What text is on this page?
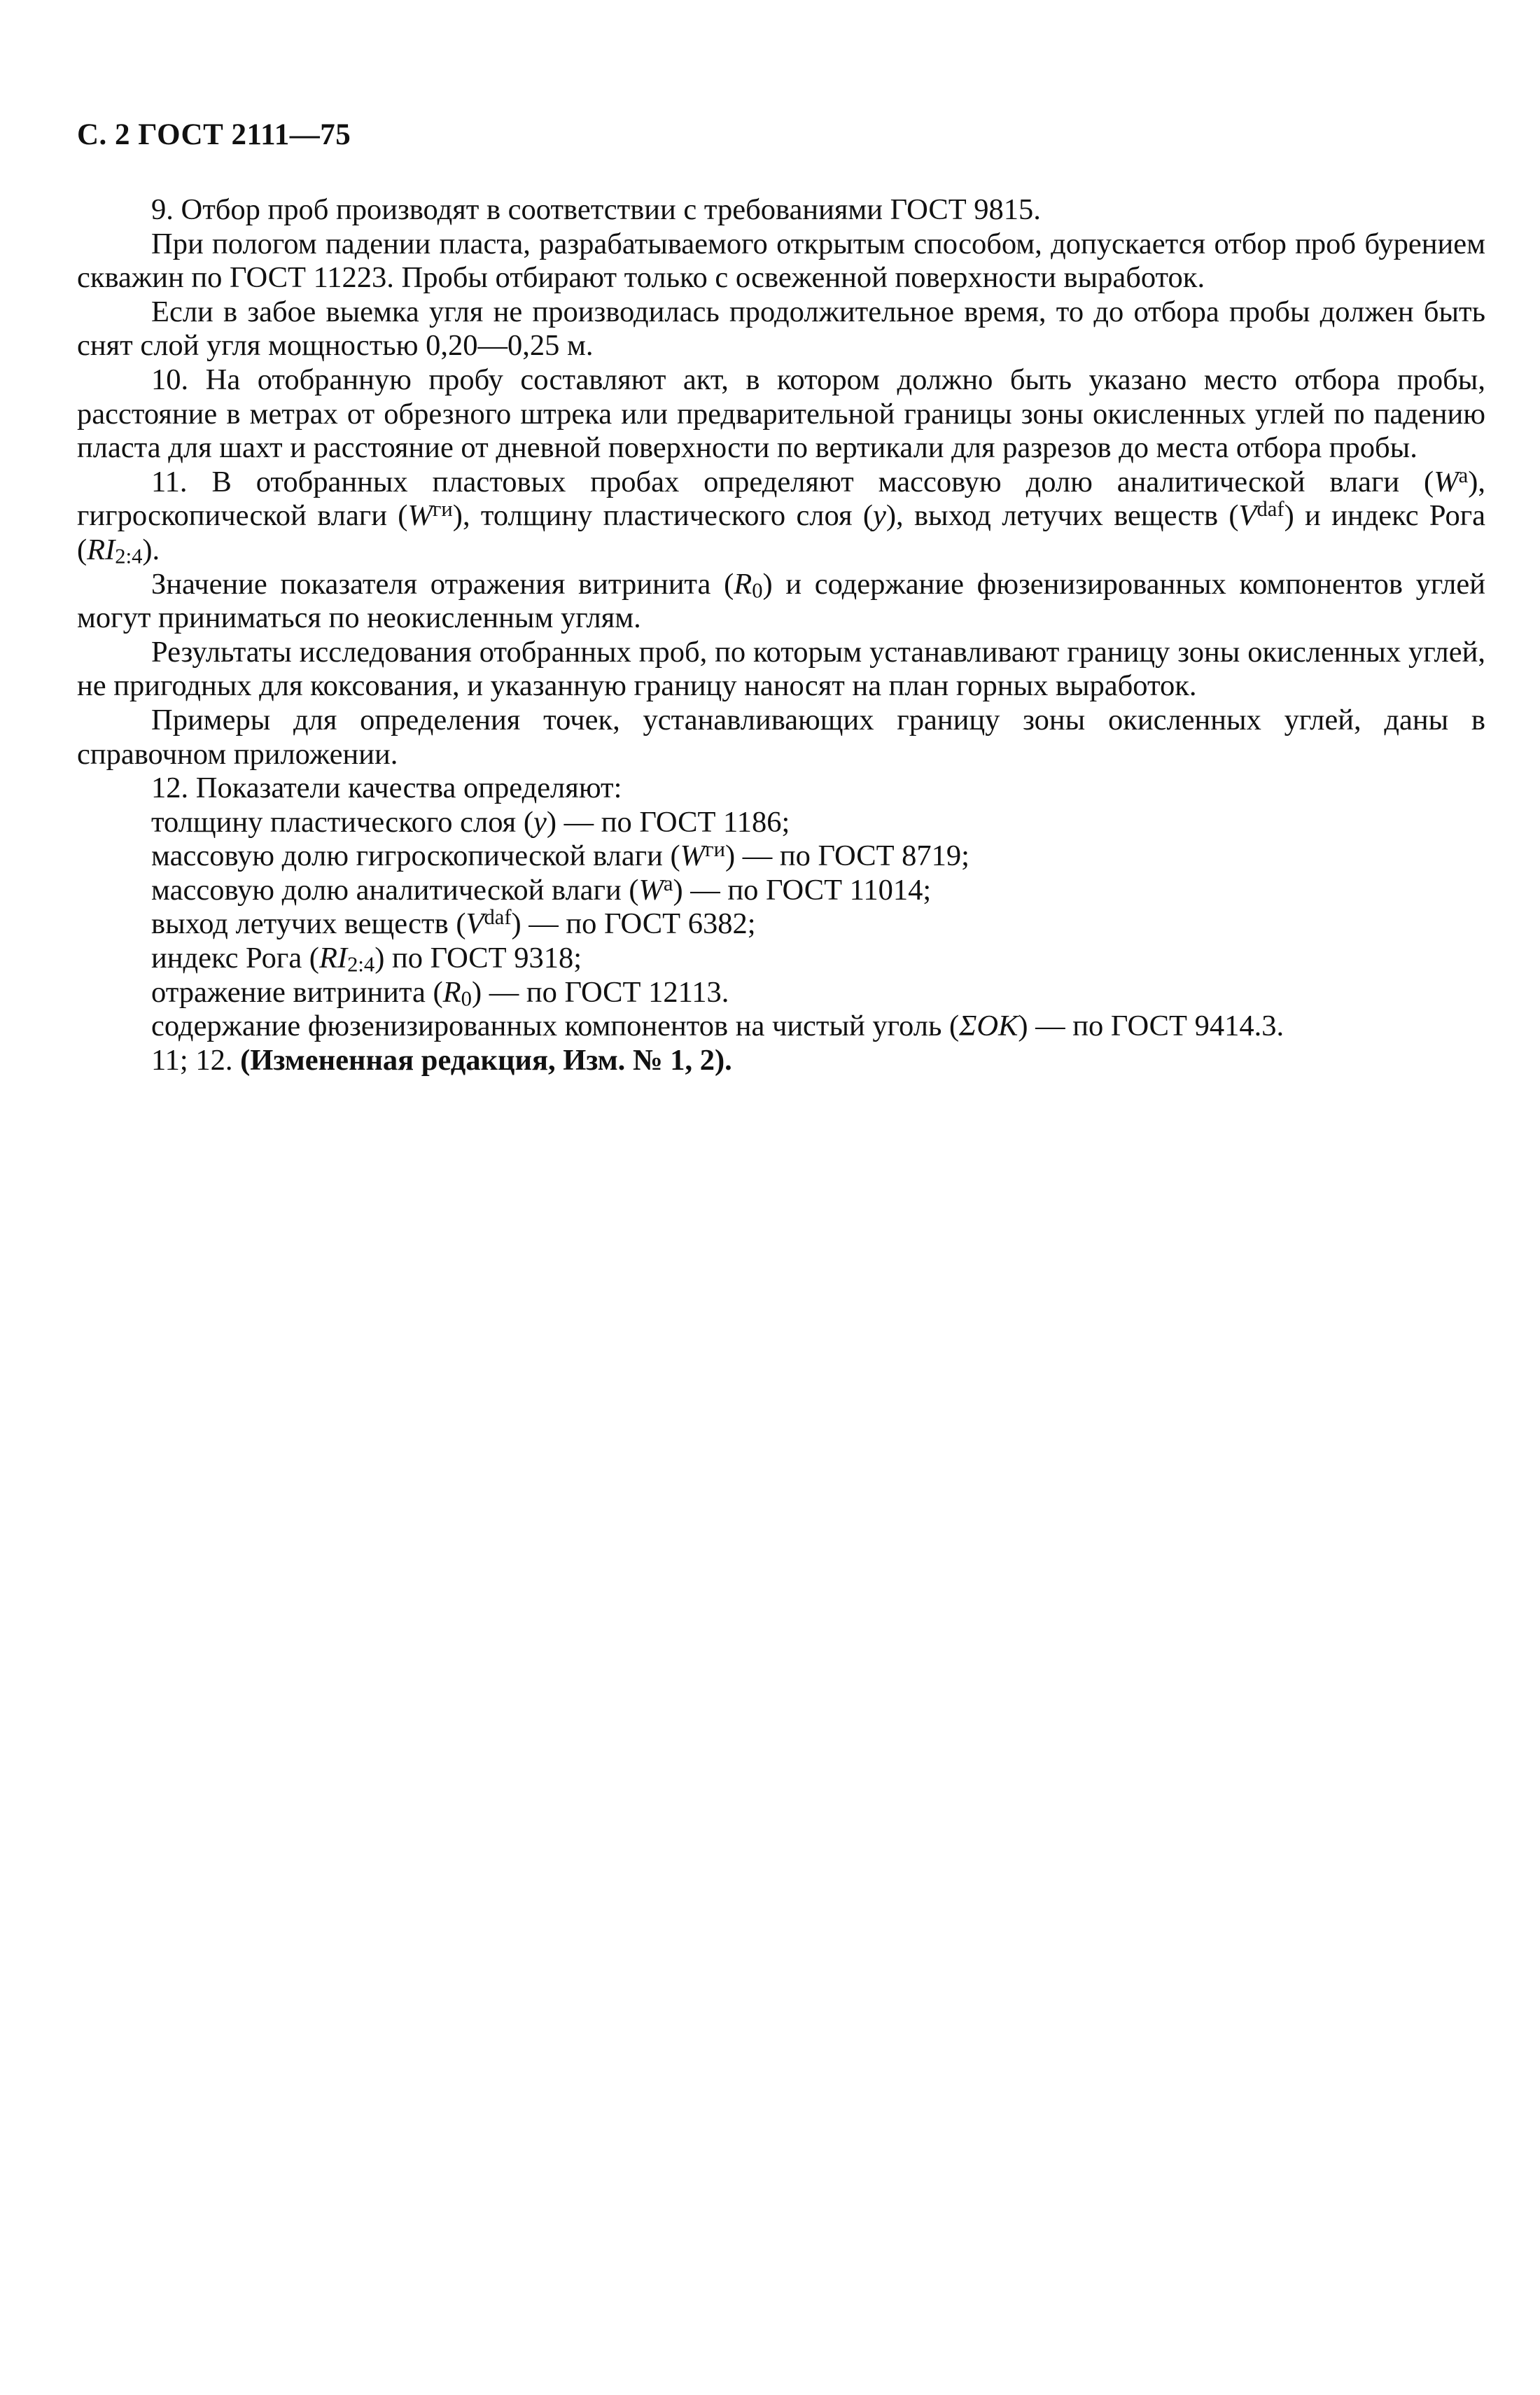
С. 2 ГОСТ 2111—75

9. Отбор проб производят в соответствии с требованиями ГОСТ 9815.

При пологом падении пласта, разрабатываемого открытым способом, допускается отбор проб бурением скважин по ГОСТ 11223. Пробы отбирают только с освеженной поверхности выработок.

Если в забое выемка угля не производилась продолжительное время, то до отбора пробы должен быть снят слой угля мощностью 0,20—0,25 м.

10. На отобранную пробу составляют акт, в котором должно быть указано место отбора пробы, расстояние в метрах от обрезного штрека или предварительной границы зоны окисленных углей по падению пласта для шахт и расстояние от дневной поверхности по вертикали для разрезов до места отбора пробы.

11. В отобранных пластовых пробах определяют массовую долю аналитической влаги $(W^a)$, гигроскопической влаги $(W^{ги})$, толщину пластического слоя (y), выход летучих веществ $(V^{daf})$ и индекс Рога $(RI_{2:4})$.

Значение показателя отражения витринита $(R_0)$ и содержание фюзенизированных компонентов углей могут приниматься по неокисленным углям.

Результаты исследования отобранных проб, по которым устанавливают границу зоны окисленных углей, не пригодных для коксования, и указанную границу наносят на план горных выработок.

Примеры для определения точек, устанавливающих границу зоны окисленных углей, даны в справочном приложении.

12. Показатели качества определяют:

толщину пластического слоя (y) — по ГОСТ 1186;

массовую долю гигроскопической влаги $(W^{ги})$ — по ГОСТ 8719;

массовую долю аналитической влаги $(W^a)$ — по ГОСТ 11014;

выход летучих веществ $(V^{daf})$ — по ГОСТ 6382;

индекс Рога $(RI_{2:4})$ по ГОСТ 9318;

отражение витринита $(R_0)$ — по ГОСТ 12113.

содержание фюзенизированных компонентов на чистый уголь (ΣOK) — по ГОСТ 9414.3.

11; 12. (Измененная редакция, Изм. № 1, 2).
